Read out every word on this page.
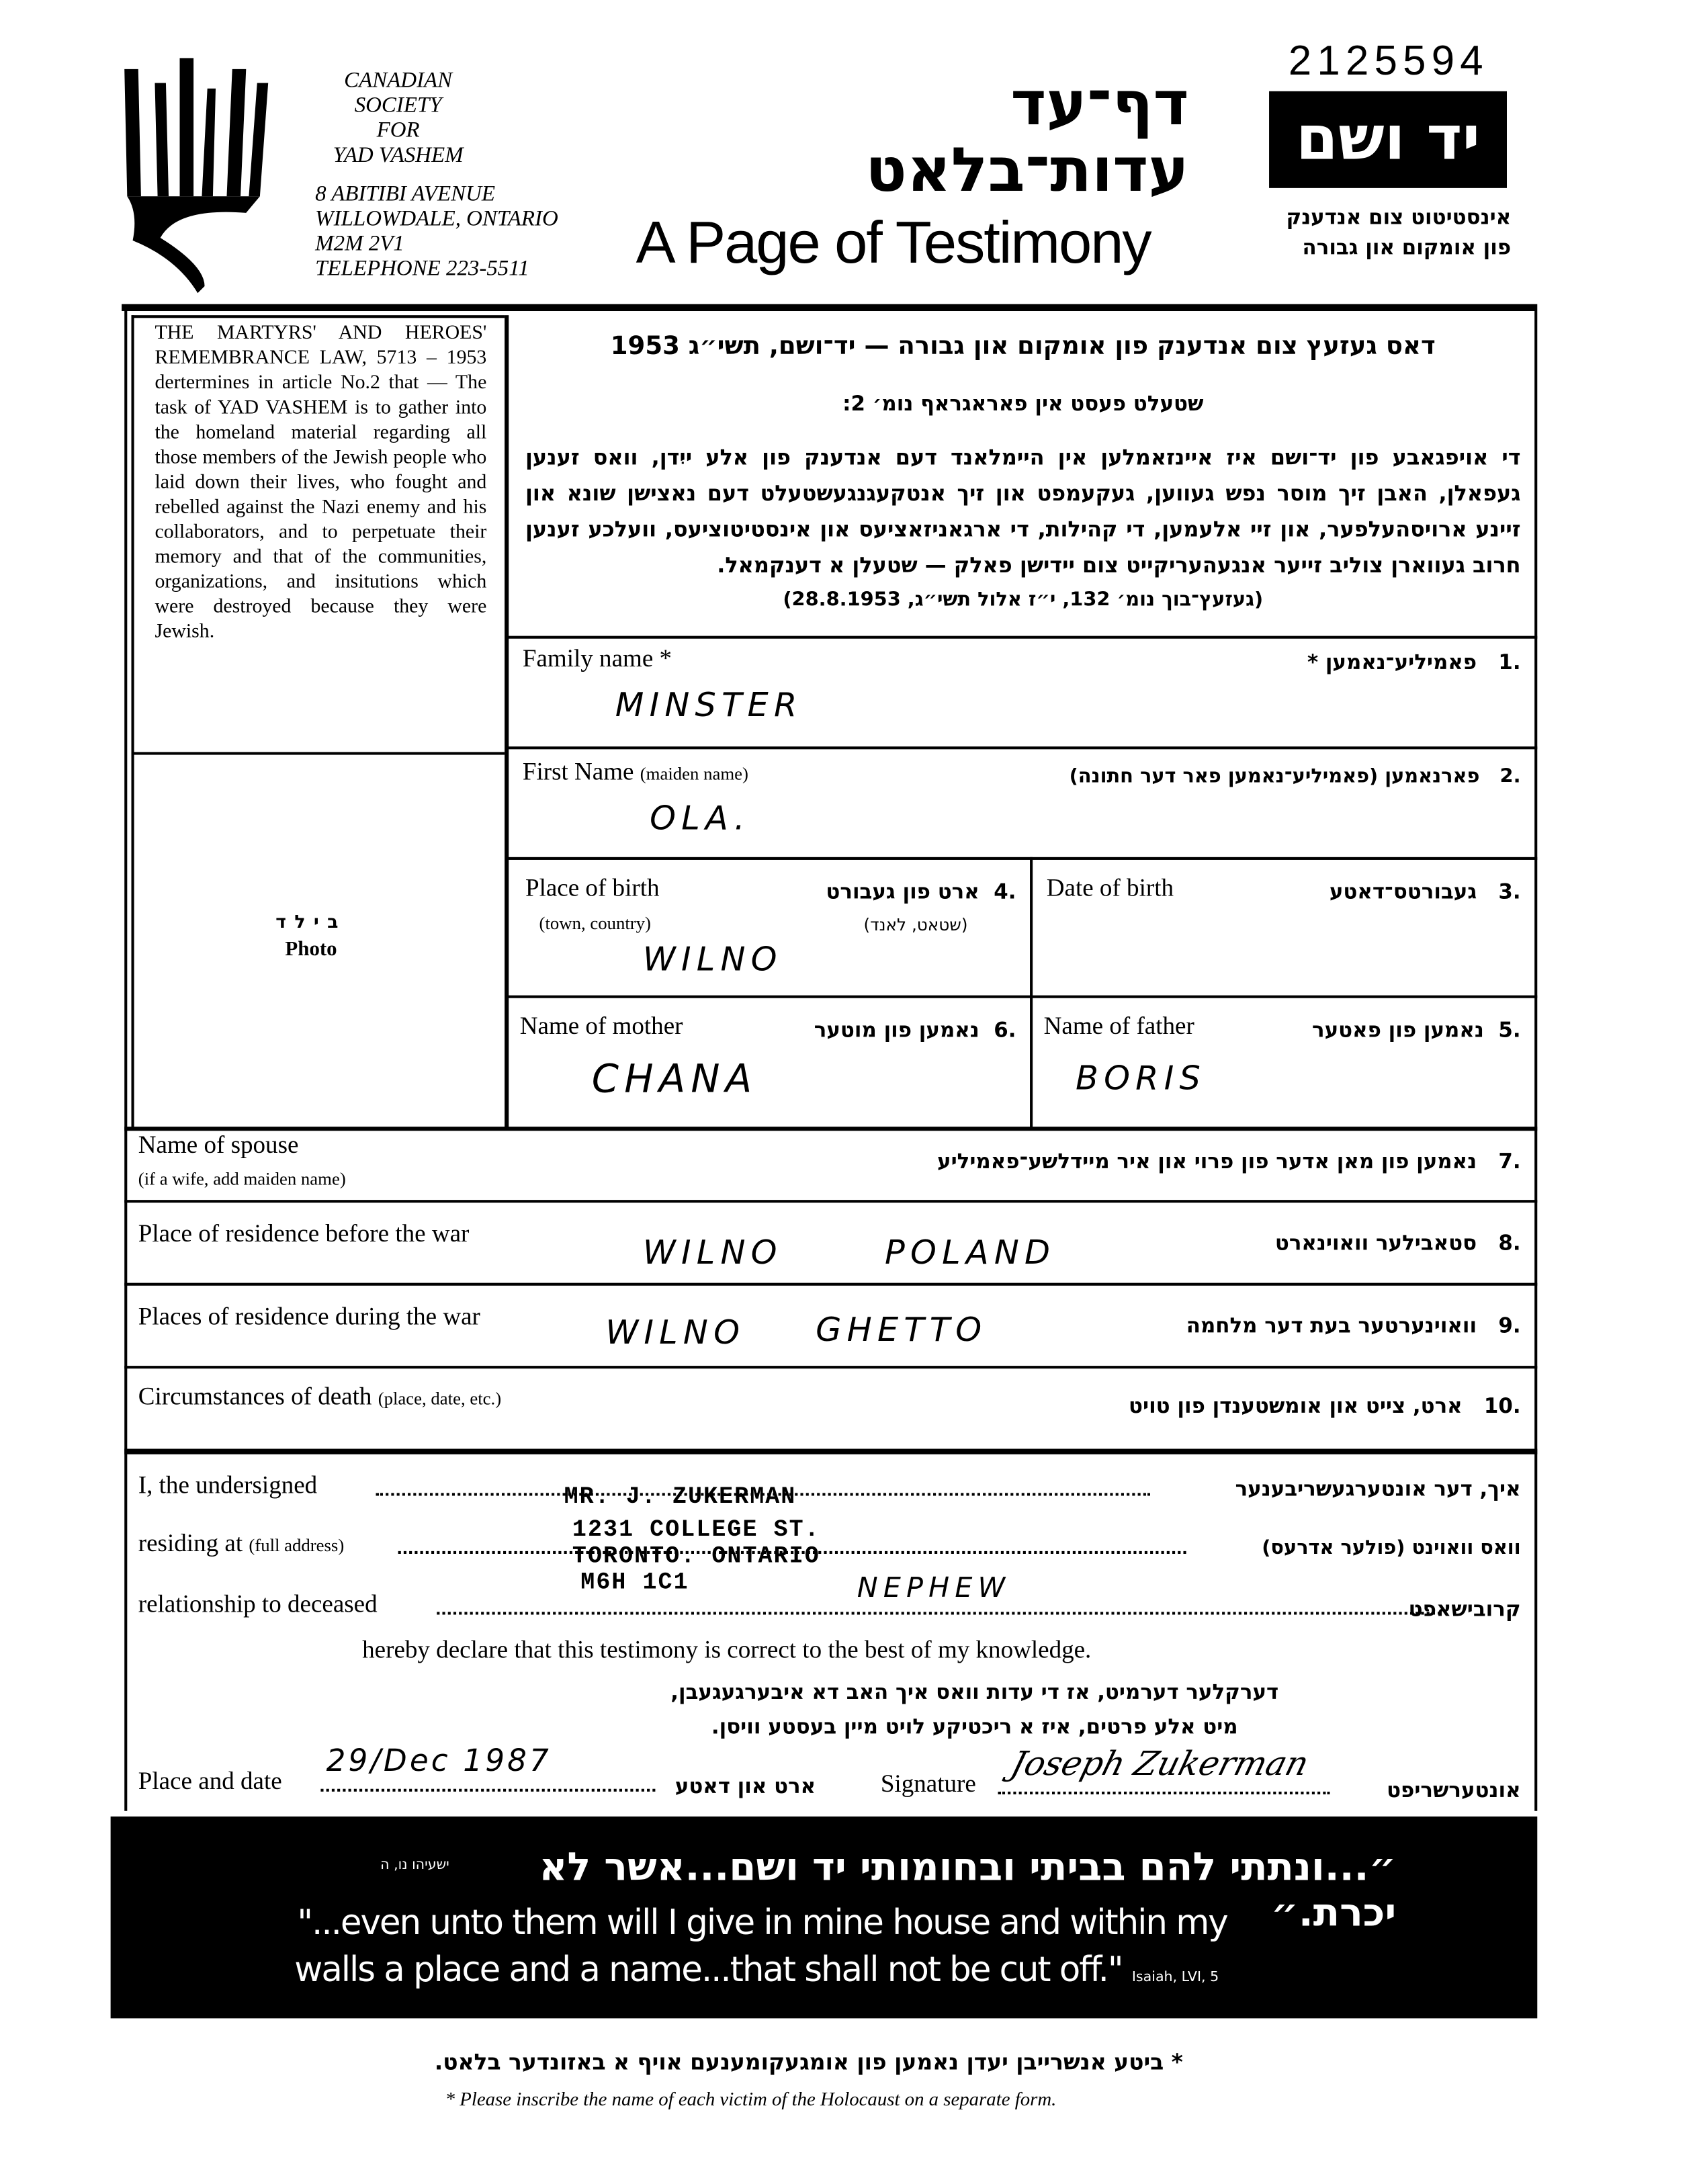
CANADIAN
SOCIETY
FOR
YAD VASHEM
8 ABITIBI AVENUE
WILLOWDALE, ONTARIO
M2M 2V1
TELEPHONE 223-5511
דף־עד
עדות־בלאט
A Page of Testimony
2125594
יד ושם
אינסטיטוט צום אנדענק
פון אומקום און גבורה
THE MARTYRS' AND HEROES' REMEMBRANCE LAW, 5713 – 1953 dertermines in article No.2 that — The task of YAD VASHEM is to gather into the homeland material regarding all those members of the Jewish people who laid down their lives, who fought and rebelled against the Nazi enemy and his collaborators, and to perpetuate their memory and that of the communities, organizations, and insitutions which were destroyed because they were Jewish.
בילד
Photo
דאס געזעץ צום אנדענק פון אומקום און גבורה — יד־ושם, תשי״ג 1953
שטעלט פעסט אין פאראגראף נומ׳ 2:
די אויפגאבע פון יד־ושם איז איינזאמלען אין היימלאנד דעם אנדענק פון אלע ייִדן, וואס זענען געפאלן, האבן זיך מוסר נפש געווען, געקעמפט און זיך אנטקעגנגעשטעלט דעם נאצישן שונא און זיינע ארויסהעלפער, און זיי אלעמען, די קהילות, די ארגאניזאציעס און אינסטיטוציעס, וועלכע זענען חרוב געווארן צוליב זייער אנגעהעריקייט צום יידישן פאלק — שטעלן א דענקמאל.
(געזעץ־בוך נומ׳ 132, י״ז אלול תשי״ג, 28.8.1953)
Family name *	.1   פאמיליע־נאמען *
MINSTER
First Name (maiden name)	.2   פארנאמען (פאמיליע־נאמען פאר דער חתונה)
OLA.
Place of birth
(town, country)
.4  ארט פון געבורט
(שטאט, לאנד)
WILNO
Date of birth	.3   געבורטס־דאטע
Name of mother	.6  נאמען פון מוטער
CHANA
Name of father	.5  נאמען פון פאטער
BORIS
Name of spouse
(if a wife, add maiden name)
.7   נאמען פון מאן אדער פון פרוי און איר מיידלשע־פאמיליע
Place of residence before the war	.8   סטאבילער וואוינארט
WILNO	POLAND
Places of residence during the war	.9   וואוינערטער בעת דער מלחמה
WILNO	GHETTO
Circumstances of death (place, date, etc.)	.10   ארט, צייט און אומשטענדן פון טויט
I, the undersigned	איך, דער אונטערגעשריבענער
MR. J. ZUKERMAN
residing at (full address)	וואס וואוינט (פולער אדרעס)
1231 COLLEGE ST.
TORONTO. ONTARIO
M6H 1C1
relationship to deceased	קרובישאפט
NEPHEW
hereby declare that this testimony is correct to the best of my knowledge.
דערקלער דערמיט, אז די עדות וואס איך האב דא איבערגעגעבן,
מיט אלע פרטים, איז א ריכטיקע לויט מיין בעסטע וויסן.
Place and date
29/Dec 1987
ארט און דאטע	Signature
Joseph Zukerman
אונטערשריפט
״...ונתתי להם בביתי ובחומותי יד ושם...אשר לא יכרת.״
ישעיהו נו, ה
"...even unto them will I give in mine house and within my
walls a place and a name...that shall not be cut off." Isaiah, LVI, 5
* ביטע אנשרייבן יעדן נאמען פון אומגעקומענעם אויף א באזונדער בלאט.
* Please inscribe the name of each victim of the Holocaust on a separate form.
